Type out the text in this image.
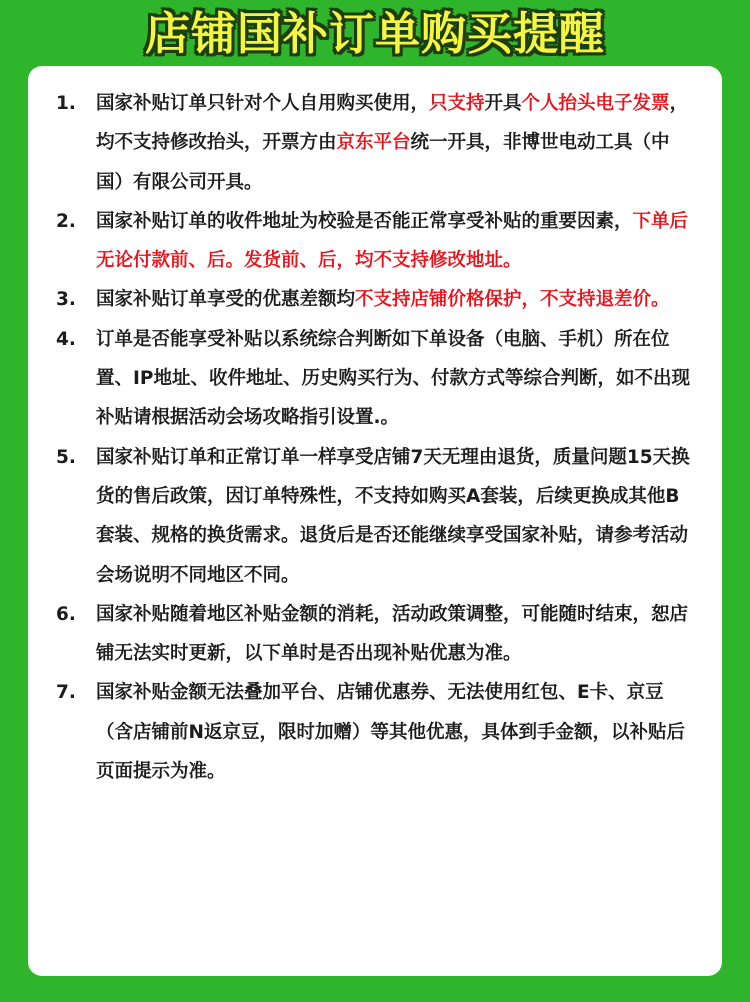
店铺国补订单购买提醒
1. 国家补贴订单只针对个人自用购买使用，只支持开具个人抬头电子发票，均不支持修改抬头，开票方由京东平台统一开具，非博世电动工具（中国）有限公司开具。
2. 国家补贴订单的收件地址为校验是否能正常享受补贴的重要因素，下单后无论付款前、后。发货前、后，均不支持修改地址。
3. 国家补贴订单享受的优惠差额均不支持店铺价格保护，不支持退差价。
4. 订单是否能享受补贴以系统综合判断如下单设备（电脑、手机）所在位置、IP地址、收件地址、历史购买行为、付款方式等综合判断，如不出现补贴请根据活动会场攻略指引设置.。
5. 国家补贴订单和正常订单一样享受店铺7天无理由退货，质量问题15天换货的售后政策，因订单特殊性，不支持如购买A套装，后续更换成其他B套装、规格的换货需求。退货后是否还能继续享受国家补贴，请参考活动会场说明不同地区不同。
6. 国家补贴随着地区补贴金额的消耗，活动政策调整，可能随时结束，恕店铺无法实时更新，以下单时是否出现补贴优惠为准。
7. 国家补贴金额无法叠加平台、店铺优惠券、无法使用红包、E卡、京豆（含店铺前N返京豆，限时加赠）等其他优惠，具体到手金额，以补贴后页面提示为准。
